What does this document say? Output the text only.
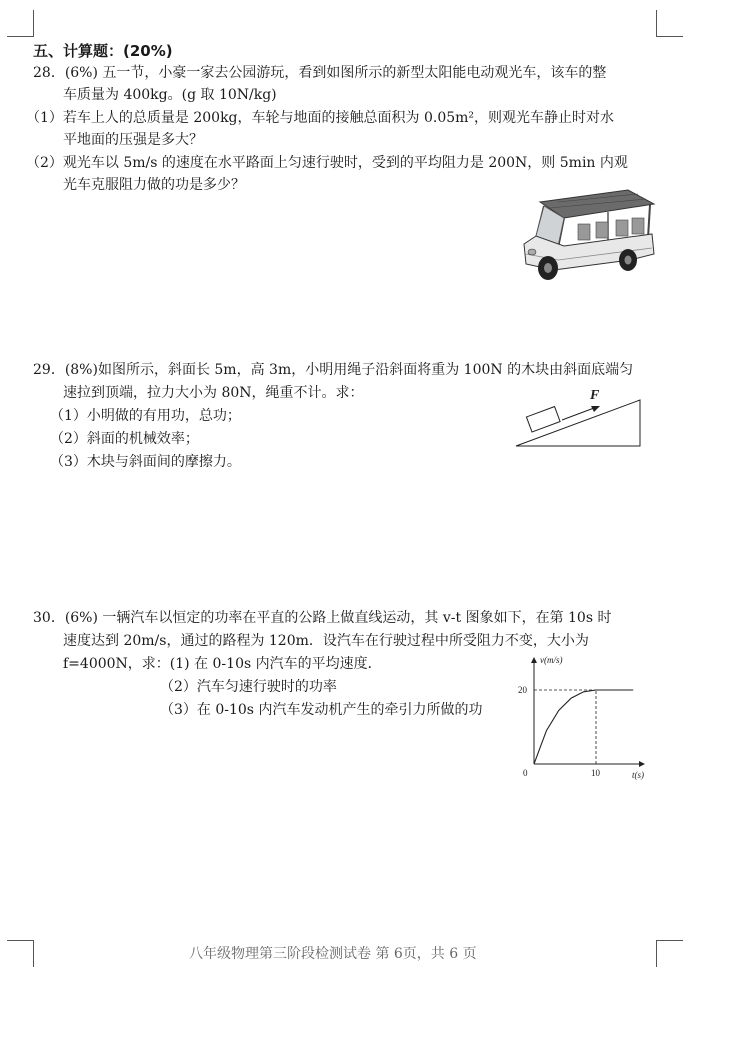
五、计算题：(20%)
28．(6%) 五一节，小豪一家去公园游玩，看到如图所示的新型太阳能电动观光车，该车的整
车质量为 400kg。(g 取 10N/kg)
（1）若车上人的总质量是 200kg，车轮与地面的接触总面积为 0.05m²，则观光车静止时对水
平地面的压强是多大？
（2）观光车以 5m/s 的速度在水平路面上匀速行驶时，受到的平均阻力是 200N，则 5min 内观
光车克服阻力做的功是多少？
29．(8%)如图所示，斜面长 5m，高 3m，小明用绳子沿斜面将重为 100N 的木块由斜面底端匀
速拉到顶端，拉力大小为 80N，绳重不计。求：
（1）小明做的有用功，总功；
（2）斜面的机械效率；
（3）木块与斜面间的摩擦力。
F
30．(6%) 一辆汽车以恒定的功率在平直的公路上做直线运动，其 v-t 图象如下，在第 10s 时
速度达到 20m/s，通过的路程为 120m．设汽车在行驶过程中所受阻力不变，大小为
f=4000N，求：(1) 在 0-10s 内汽车的平均速度．
（2）汽车匀速行驶时的功率
（3）在 0-10s 内汽车发动机产生的牵引力所做的功
v(m/s)
t(s)
0	10
20
八年级物理第三阶段检测试卷 第 6页，共 6 页
